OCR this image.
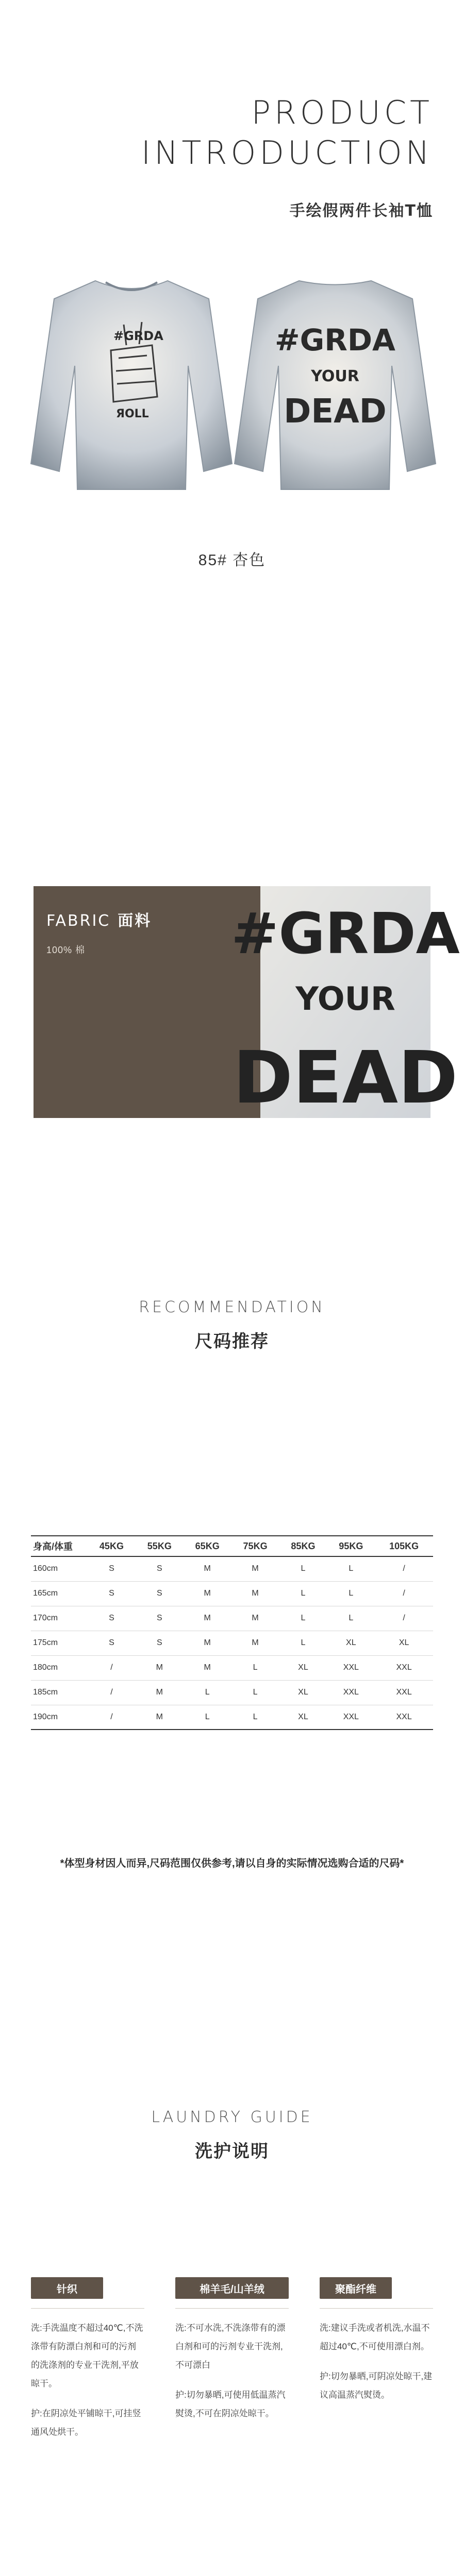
PRODUCT
INTRODUCTION
手绘假两件长袖T恤
#GRDA
ЯOLL
#GRDA
YOUR
DEAD
85# 杏色
FABRIC 面料
100% 棉	#GRDA
YOUR
DEAD
RECOMMENDATION
尺码推荐
身高/体重	45KG	55KG	65KG	75KG	85KG	95KG	105KG
160cm	S	S	M	M	L	L	/
165cm	S	S	M	M	L	L	/
170cm	S	S	M	M	L	L	/
175cm	S	S	M	M	L	XL	XL
180cm	/	M	M	L	XL	XXL	XXL
185cm	/	M	L	L	XL	XXL	XXL
190cm	/	M	L	L	XL	XXL	XXL
*体型身材因人而异,尺码范围仅供参考,请以自身的实际情况选购合适的尺码*
LAUNDRY GUIDE
洗护说明
针织

洗:手洗温度不超过40℃,不洗涤带有防漂白剂和可的污剂的洗涤剂的专业干洗剂,平放晾干。

护:在阴凉处平铺晾干,可挂竖通风处烘干。

棉羊毛/山羊绒

洗:不可水洗,不洗涤带有的漂白剂和可的污剂专业干洗剂,不可漂白

护:切勿暴晒,可使用低温蒸汽熨烫,不可在阴凉处晾干。

聚酯纤维

洗:建议手洗或者机洗,水温不超过40℃,不可使用漂白剂。

护:切勿暴晒,可阴凉处晾干,建议高温蒸汽熨烫。
